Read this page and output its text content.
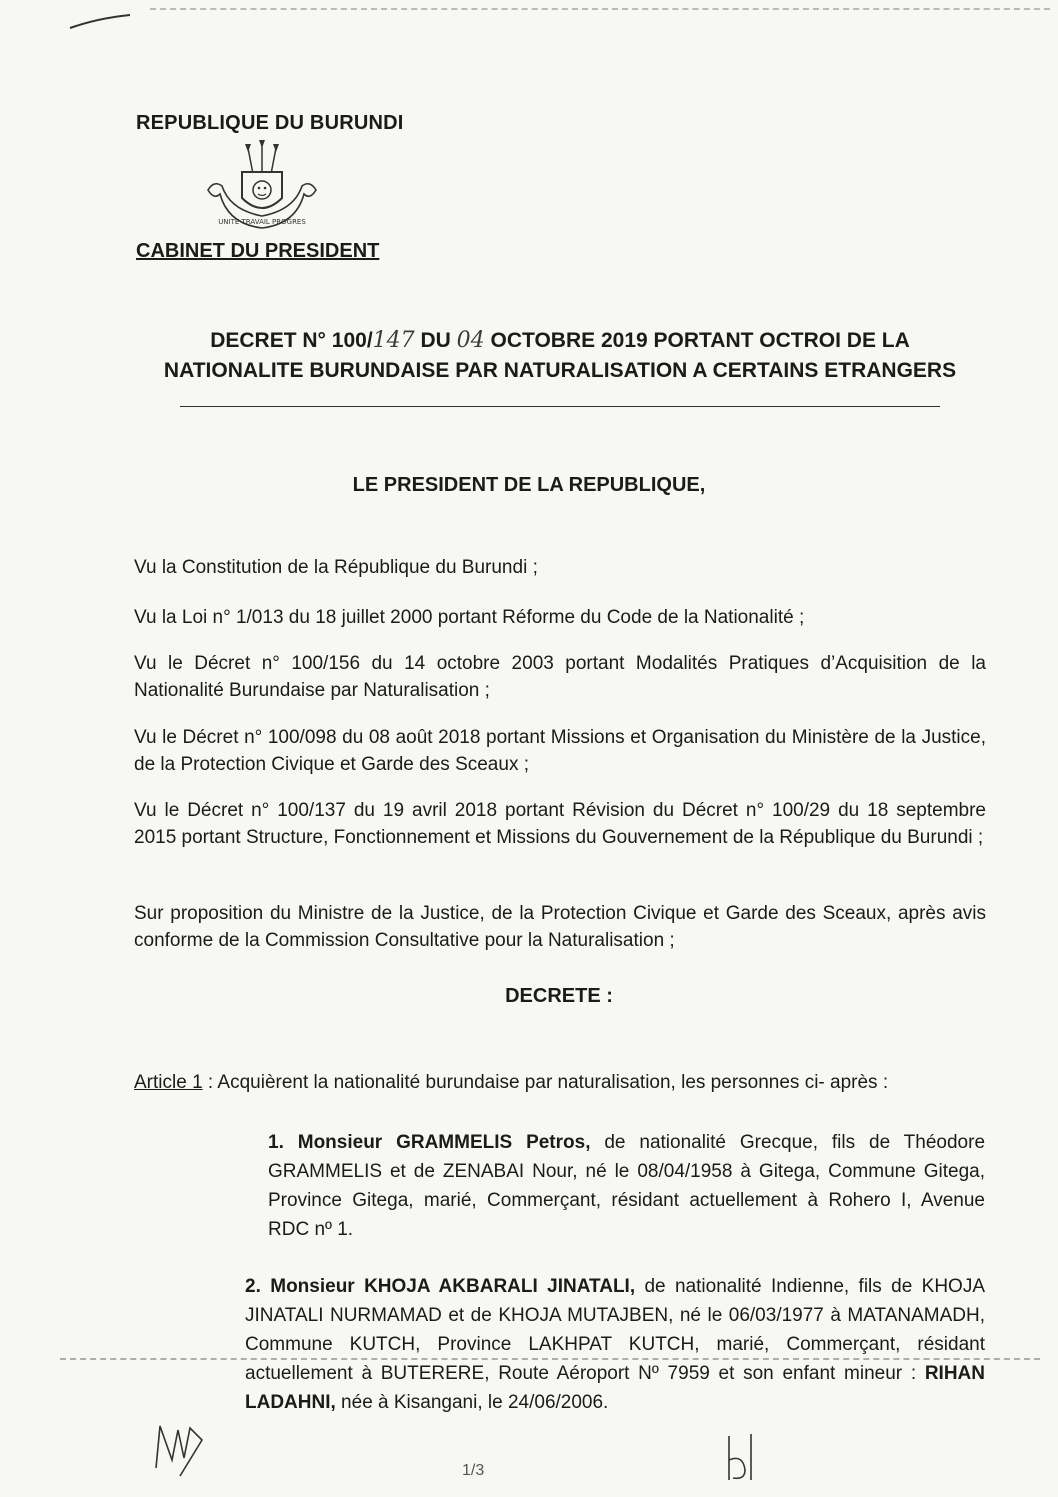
REPUBLIQUE DU BURUNDI
UNITE TRAVAIL PROGRES
CABINET DU PRESIDENT
DECRET N° 100/147 DU 04 OCTOBRE 2019 PORTANT OCTROI DE LA
NATIONALITE BURUNDAISE PAR NATURALISATION A CERTAINS ETRANGERS
LE PRESIDENT DE LA REPUBLIQUE,
Vu la Constitution de la République du Burundi ;
Vu la Loi n° 1/013 du 18 juillet 2000 portant Réforme du Code de la Nationalité ;
Vu le Décret n° 100/156 du 14 octobre 2003 portant Modalités Pratiques d’Acquisition de la Nationalité Burundaise par Naturalisation ;
Vu le Décret n° 100/098 du 08 août 2018 portant Missions et Organisation du Ministère de la Justice, de la Protection Civique et Garde des Sceaux ;
Vu le Décret n° 100/137 du 19 avril 2018 portant Révision du Décret n° 100/29 du 18 septembre 2015 portant Structure, Fonctionnement et Missions du Gouvernement de la République du Burundi ;
Sur proposition du Ministre de la Justice, de la Protection Civique et Garde des Sceaux, après avis conforme de la Commission Consultative pour la Naturalisation ;
DECRETE :
Article 1 : Acquièrent la nationalité burundaise par naturalisation, les personnes ci- après :
1. Monsieur GRAMMELIS Petros, de nationalité Grecque, fils de Théodore GRAMMELIS et de ZENABAI Nour, né le 08/04/1958 à Gitega, Commune Gitega, Province Gitega, marié, Commerçant, résidant actuellement à Rohero I, Avenue RDC nº 1.
2. Monsieur KHOJA AKBARALI JINATALI, de nationalité Indienne, fils de KHOJA JINATALI NURMAMAD et de KHOJA MUTAJBEN, né le 06/03/1977 à MATANAMADH, Commune KUTCH, Province LAKHPAT KUTCH, marié, Commerçant, résidant actuellement à BUTERERE, Route Aéroport Nº 7959 et son enfant mineur : RIHAN LADAHNI, née à Kisangani, le 24/06/2006.
1/3
